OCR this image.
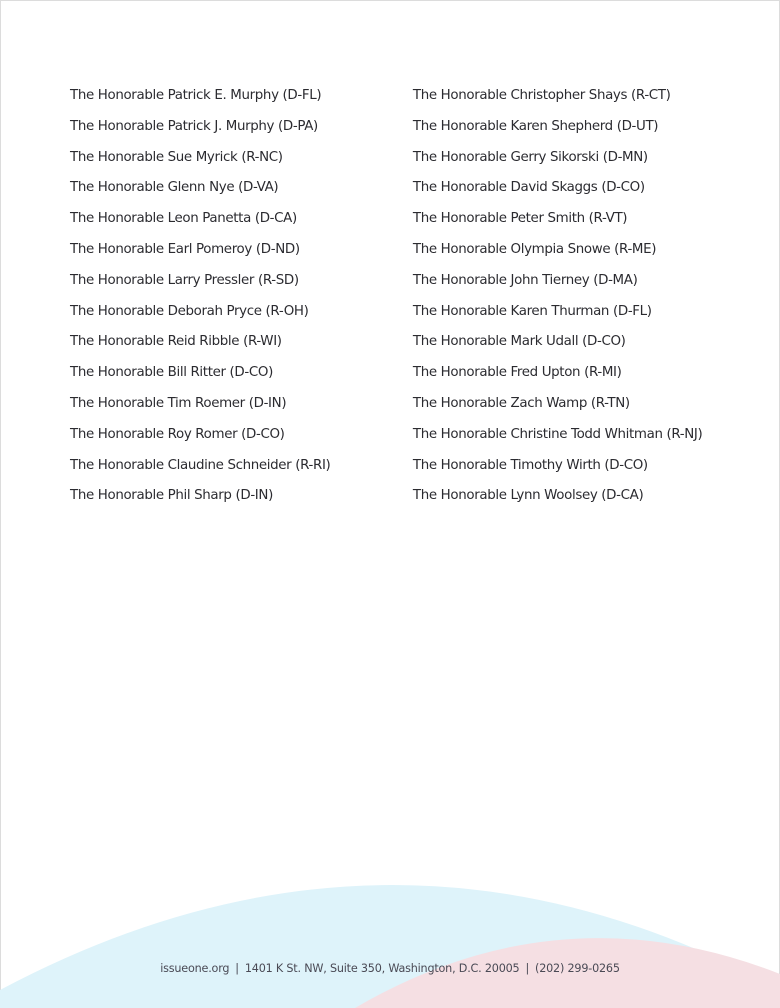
The Honorable Patrick E. Murphy (D-FL)
The Honorable Patrick J. Murphy (D-PA)
The Honorable Sue Myrick (R-NC)
The Honorable Glenn Nye (D-VA)
The Honorable Leon Panetta (D-CA)
The Honorable Earl Pomeroy (D-ND)
The Honorable Larry Pressler (R-SD)
The Honorable Deborah Pryce (R-OH)
The Honorable Reid Ribble (R-WI)
The Honorable Bill Ritter (D-CO)
The Honorable Tim Roemer (D-IN)
The Honorable Roy Romer (D-CO)
The Honorable Claudine Schneider (R-RI)
The Honorable Phil Sharp (D-IN)
The Honorable Christopher Shays (R-CT)
The Honorable Karen Shepherd (D-UT)
The Honorable Gerry Sikorski (D-MN)
The Honorable David Skaggs (D-CO)
The Honorable Peter Smith (R-VT)
The Honorable Olympia Snowe (R-ME)
The Honorable John Tierney (D-MA)
The Honorable Karen Thurman (D-FL)
The Honorable Mark Udall (D-CO)
The Honorable Fred Upton (R-MI)
The Honorable Zach Wamp (R-TN)
The Honorable Christine Todd Whitman (R-NJ)
The Honorable Timothy Wirth (D-CO)
The Honorable Lynn Woolsey (D-CA)
issueone.org | 1401 K St. NW, Suite 350, Washington, D.C. 20005 | (202) 299-0265
